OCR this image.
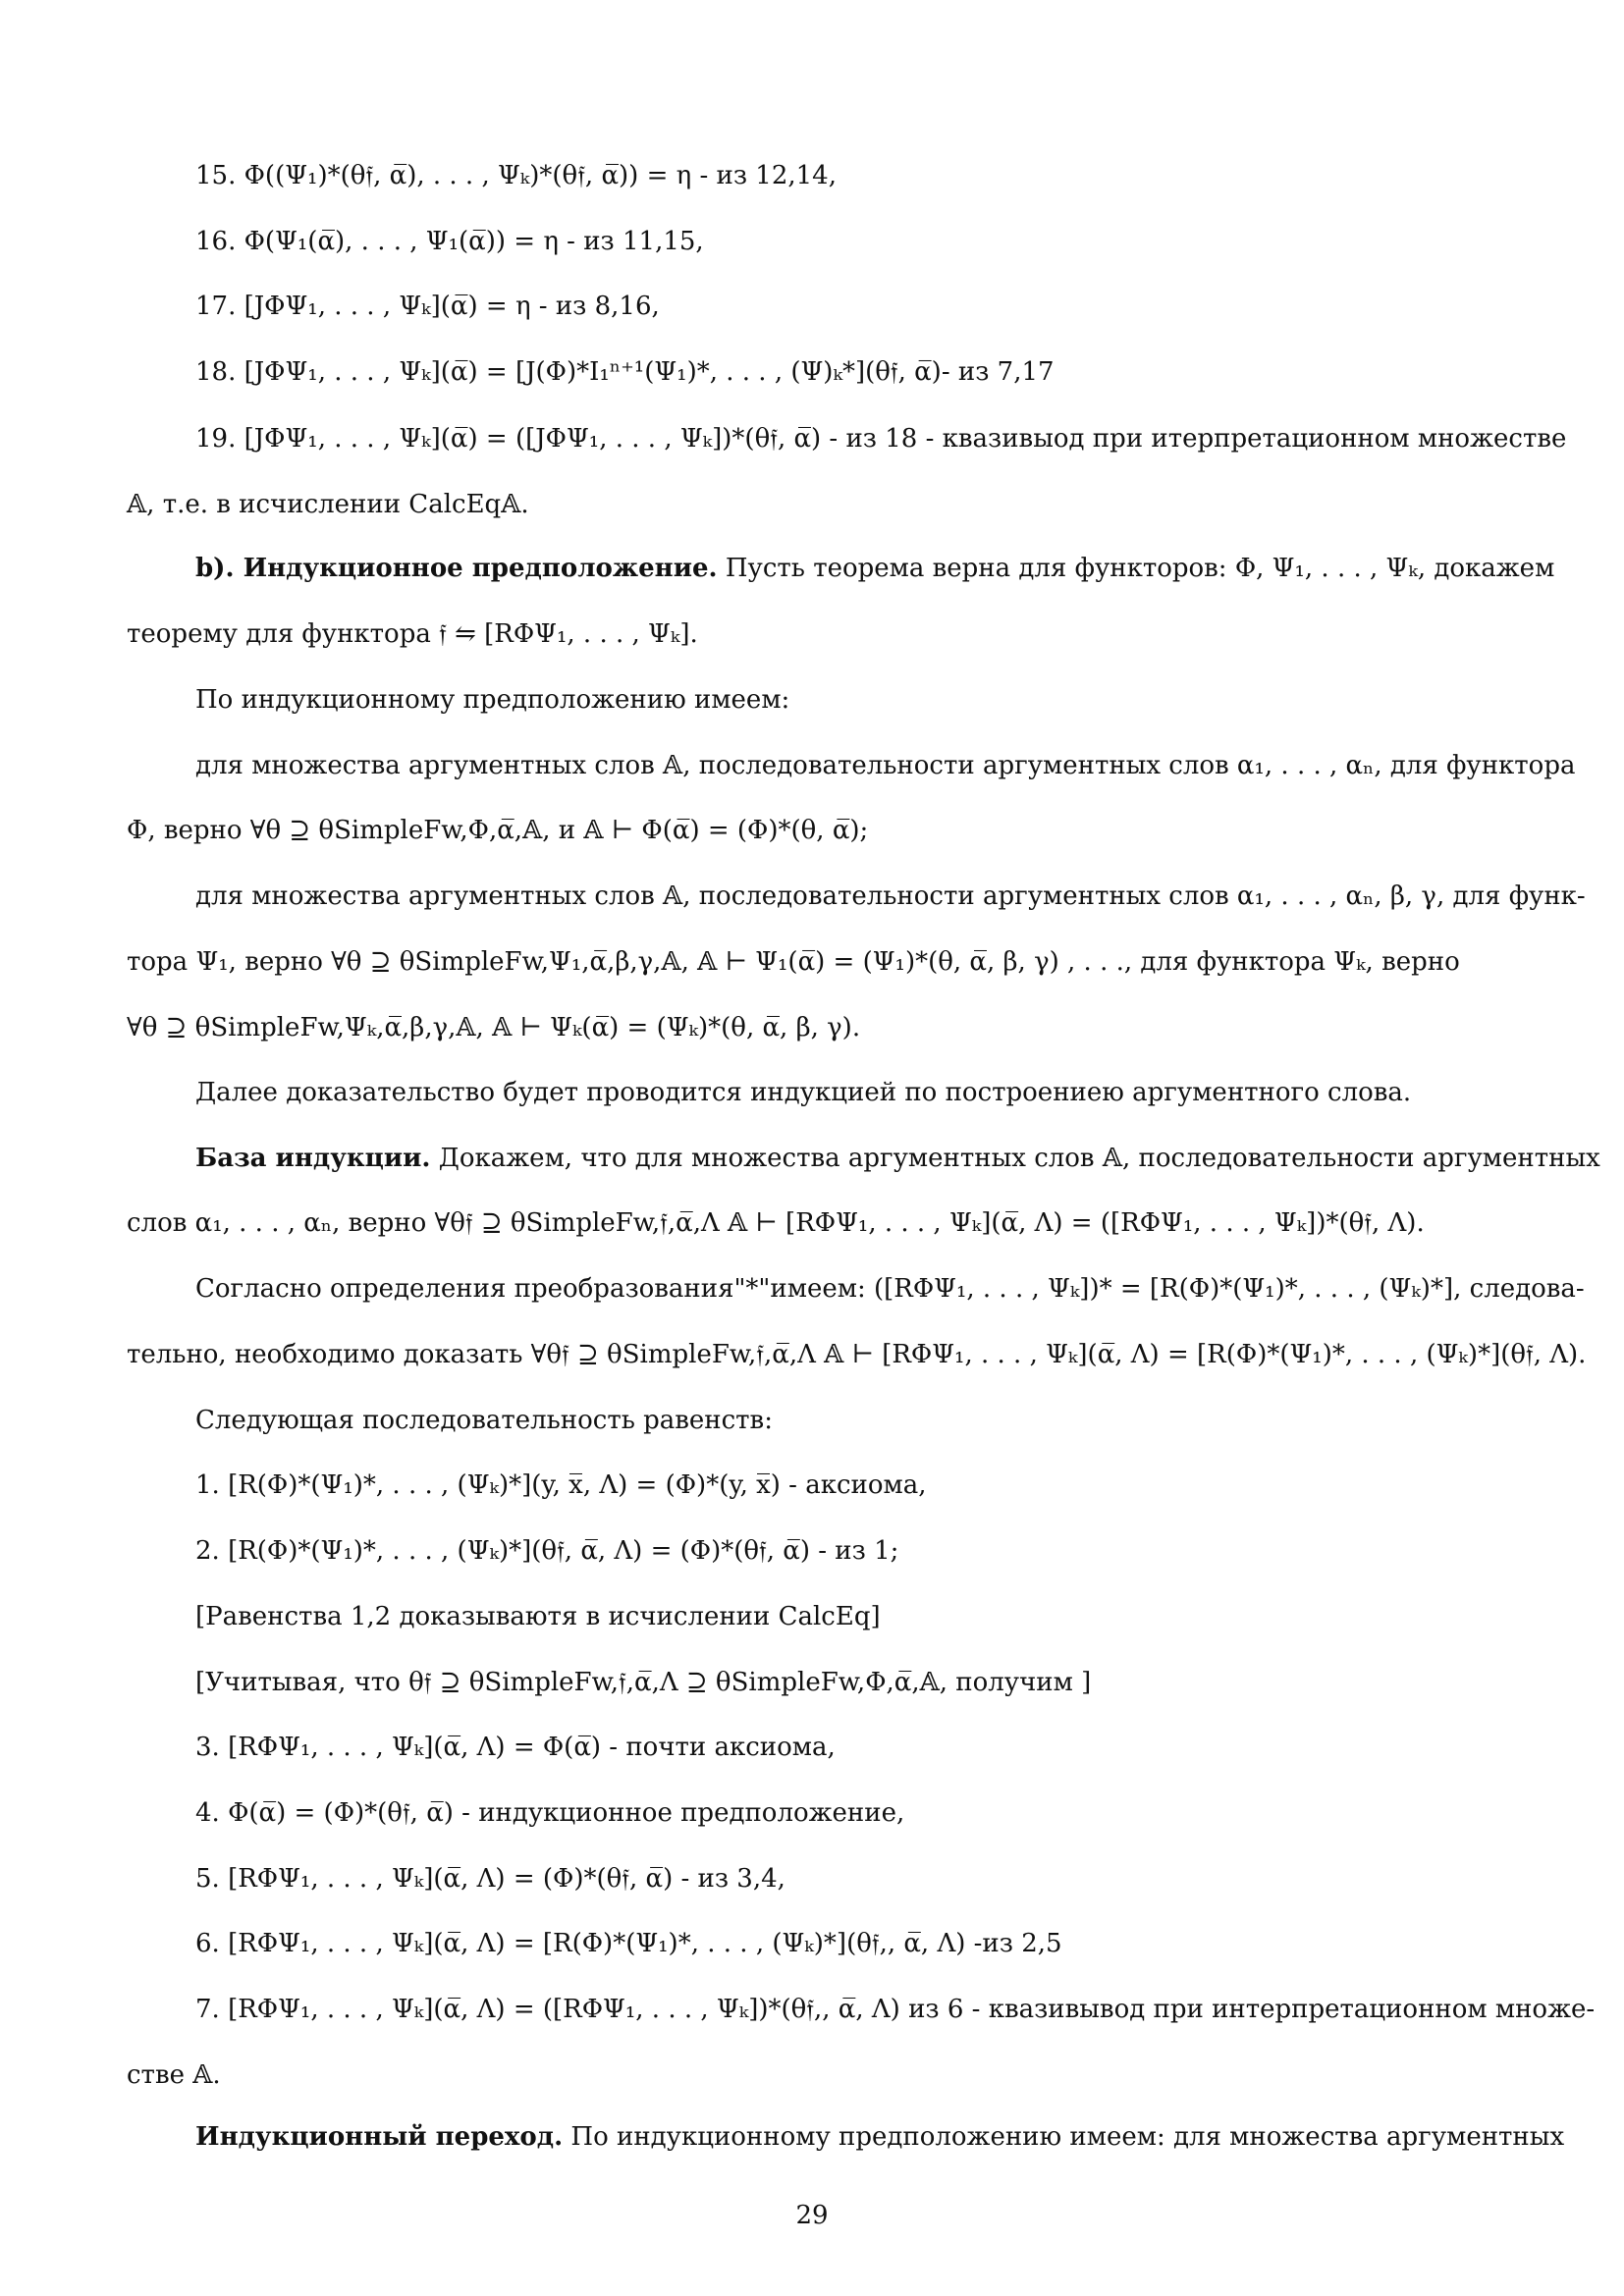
15. Φ((Ψ₁)*(θ𝔣, α̅), . . . , Ψₖ)*(θ𝔣, α̅)) = η - из 12,14,
16. Φ(Ψ₁(α̅), . . . , Ψ₁(α̅)) = η - из 11,15,
17. [JΦΨ₁, . . . , Ψₖ](α̅) = η - из 8,16,
18. [JΦΨ₁, . . . , Ψₖ](α̅) = [J(Φ)*I₁ⁿ⁺¹(Ψ₁)*, . . . , (Ψ)ₖ*](θ𝔣, α̅)- из 7,17
19. [JΦΨ₁, . . . , Ψₖ](α̅) = ([JΦΨ₁, . . . , Ψₖ])*(θ𝔣, α̅) - из 18 - квазивыод при итерпретационном множестве
𝔸, т.е. в исчислении CalcEq𝔸.
b). Индукционное предположение. Пусть теорема верна для функторов: Φ, Ψ₁, . . . , Ψₖ, докажем
теорему для функтора 𝔣 ⇋ [RΦΨ₁, . . . , Ψₖ].
По индукционному предположению имеем:
для множества аргументных слов 𝔸, последовательности аргументных слов α₁, . . . , αₙ, для функтора
Φ, верно ∀θ ⊇ θSimpleFw,Φ,α̅,𝔸, и 𝔸 ⊢ Φ(α̅) = (Φ)*(θ, α̅);
для множества аргументных слов 𝔸, последовательности аргументных слов α₁, . . . , αₙ, β, γ, для функ-
тора Ψ₁, верно ∀θ ⊇ θSimpleFw,Ψ₁,α̅,β,γ,𝔸, 𝔸 ⊢ Ψ₁(α̅) = (Ψ₁)*(θ, α̅, β, γ) , . . ., для функтора Ψₖ, верно
∀θ ⊇ θSimpleFw,Ψₖ,α̅,β,γ,𝔸, 𝔸 ⊢ Ψₖ(α̅) = (Ψₖ)*(θ, α̅, β, γ).
Далее доказательство будет проводится индукцией по построениею аргументного слова.
База индукции. Докажем, что для множества аргументных слов 𝔸, последовательности аргументных
слов α₁, . . . , αₙ, верно ∀θ𝔣 ⊇ θSimpleFw,𝔣,α̅,Λ 𝔸 ⊢ [RΦΨ₁, . . . , Ψₖ](α̅, Λ) = ([RΦΨ₁, . . . , Ψₖ])*(θ𝔣, Λ).
Согласно определения преобразования"*"имеем: ([RΦΨ₁, . . . , Ψₖ])* = [R(Φ)*(Ψ₁)*, . . . , (Ψₖ)*], следова-
тельно, необходимо доказать ∀θ𝔣 ⊇ θSimpleFw,𝔣,α̅,Λ 𝔸 ⊢ [RΦΨ₁, . . . , Ψₖ](α̅, Λ) = [R(Φ)*(Ψ₁)*, . . . , (Ψₖ)*](θ𝔣, Λ).
Следующая последовательность равенств:
1. [R(Φ)*(Ψ₁)*, . . . , (Ψₖ)*](y, x̅, Λ) = (Φ)*(y, x̅) - аксиома,
2. [R(Φ)*(Ψ₁)*, . . . , (Ψₖ)*](θ𝔣, α̅, Λ) = (Φ)*(θ𝔣, α̅) - из 1;
[Равенства 1,2 доказываютя в исчислении CalcEq]
[Учитывая, что θ𝔣 ⊇ θSimpleFw,𝔣,α̅,Λ ⊇ θSimpleFw,Φ,α̅,𝔸, получим ]
3. [RΦΨ₁, . . . , Ψₖ](α̅, Λ) = Φ(α̅) - почти аксиома,
4. Φ(α̅) = (Φ)*(θ𝔣, α̅) - индукционное предположение,
5. [RΦΨ₁, . . . , Ψₖ](α̅, Λ) = (Φ)*(θ𝔣, α̅) - из 3,4,
6. [RΦΨ₁, . . . , Ψₖ](α̅, Λ) = [R(Φ)*(Ψ₁)*, . . . , (Ψₖ)*](θ𝔣,, α̅, Λ) -из 2,5
7. [RΦΨ₁, . . . , Ψₖ](α̅, Λ) = ([RΦΨ₁, . . . , Ψₖ])*(θ𝔣,, α̅, Λ) из 6 - квазивывод при интерпретационном множе-
стве 𝔸.
Индукционный переход. По индукционному предположению имеем: для множества аргументных
29
